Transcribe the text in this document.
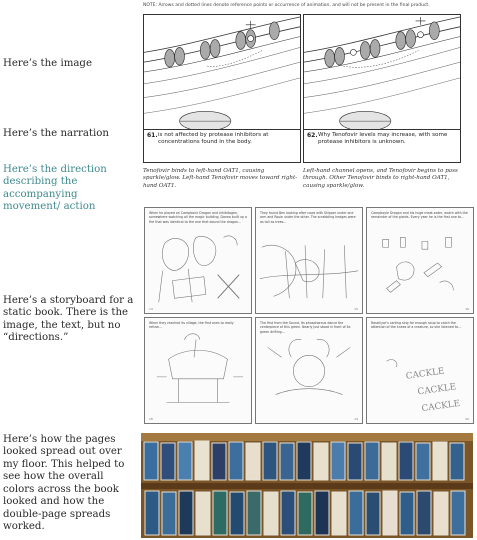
Here’s the image
Here’s the narration
Here’s the direction describing the accompanying movement/ action
Here’s a storyboard for a static book. There is the image, the text, but no “directions.”
Here’s how the pages looked spread out over my floor. This helped to see how the overall colors across the book looked and how the double-page spreads worked.
NOTE: Arrows and dotted lines denote reference points or occurrence of animation, and will not be present in the final product.
61. is not affected by protease inhibitors at concentrations found in the body.
62. Why Tenofovir levels may increase, with some protease inhibitors is unknown.
Tenofovir binds to left-hand OAT1, causing sparkle/glow. Left-hand Tenofovir moves toward right-hand OAT1.
Left-hand channel opens, and Tenofovir begins to pass through. Other Tenofovir binds to right-hand OAT1, causing sparkle/glow.
When he played on Campbovir Dragon and Inhibitagen, somewhere watching all the magic building, Darwa built up a fire that was identical to the one that bound the dragon...
14
They found Ben looking after cows with Skipper under one arm and Rosie under the other. The scrabbling hedges were as tall as trees...
15
Campboyle Dragon and his huge meat-eater, watch with the remainder of the giants. Every year he is the first one to...
16
When they reached its village, the first ones to really refuse...
18
The first from the Sound, Its phosphorous dance the centerpiece of this green. Nearly just stood in front of its green drifting...
19
Rassiliyar's carting sing for enough soup to catch the attention of the knees of a creature, so she listened to...
CACKLE
CACKLE
CACKLE
20
